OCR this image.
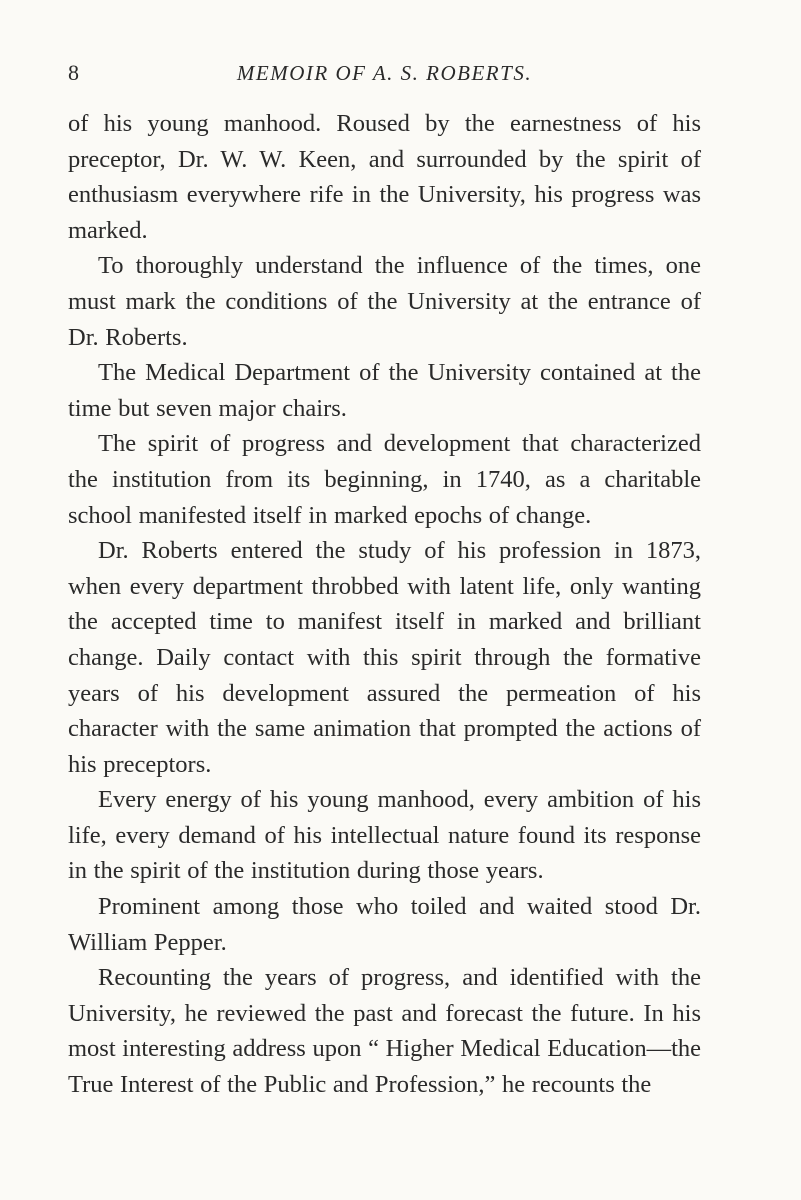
8	MEMOIR OF A. S. ROBERTS.

of his young manhood. Roused by the earnestness of his preceptor, Dr. W. W. Keen, and surrounded by the spirit of enthusiasm everywhere rife in the University, his progress was marked.

To thoroughly understand the influence of the times, one must mark the conditions of the University at the entrance of Dr. Roberts.

The Medical Department of the University contained at the time but seven major chairs.

The spirit of progress and development that characterized the institution from its beginning, in 1740, as a charitable school manifested itself in marked epochs of change.

Dr. Roberts entered the study of his profession in 1873, when every department throbbed with latent life, only wanting the accepted time to manifest itself in marked and brilliant change. Daily contact with this spirit through the formative years of his development assured the permeation of his character with the same animation that prompted the actions of his preceptors.

Every energy of his young manhood, every ambition of his life, every demand of his intellectual nature found its response in the spirit of the institution during those years.

Prominent among those who toiled and waited stood Dr. William Pepper.

Recounting the years of progress, and identified with the University, he reviewed the past and forecast the future. In his most interesting address upon “ Higher Medical Education—the True Interest of the Public and Profession,” he recounts the
